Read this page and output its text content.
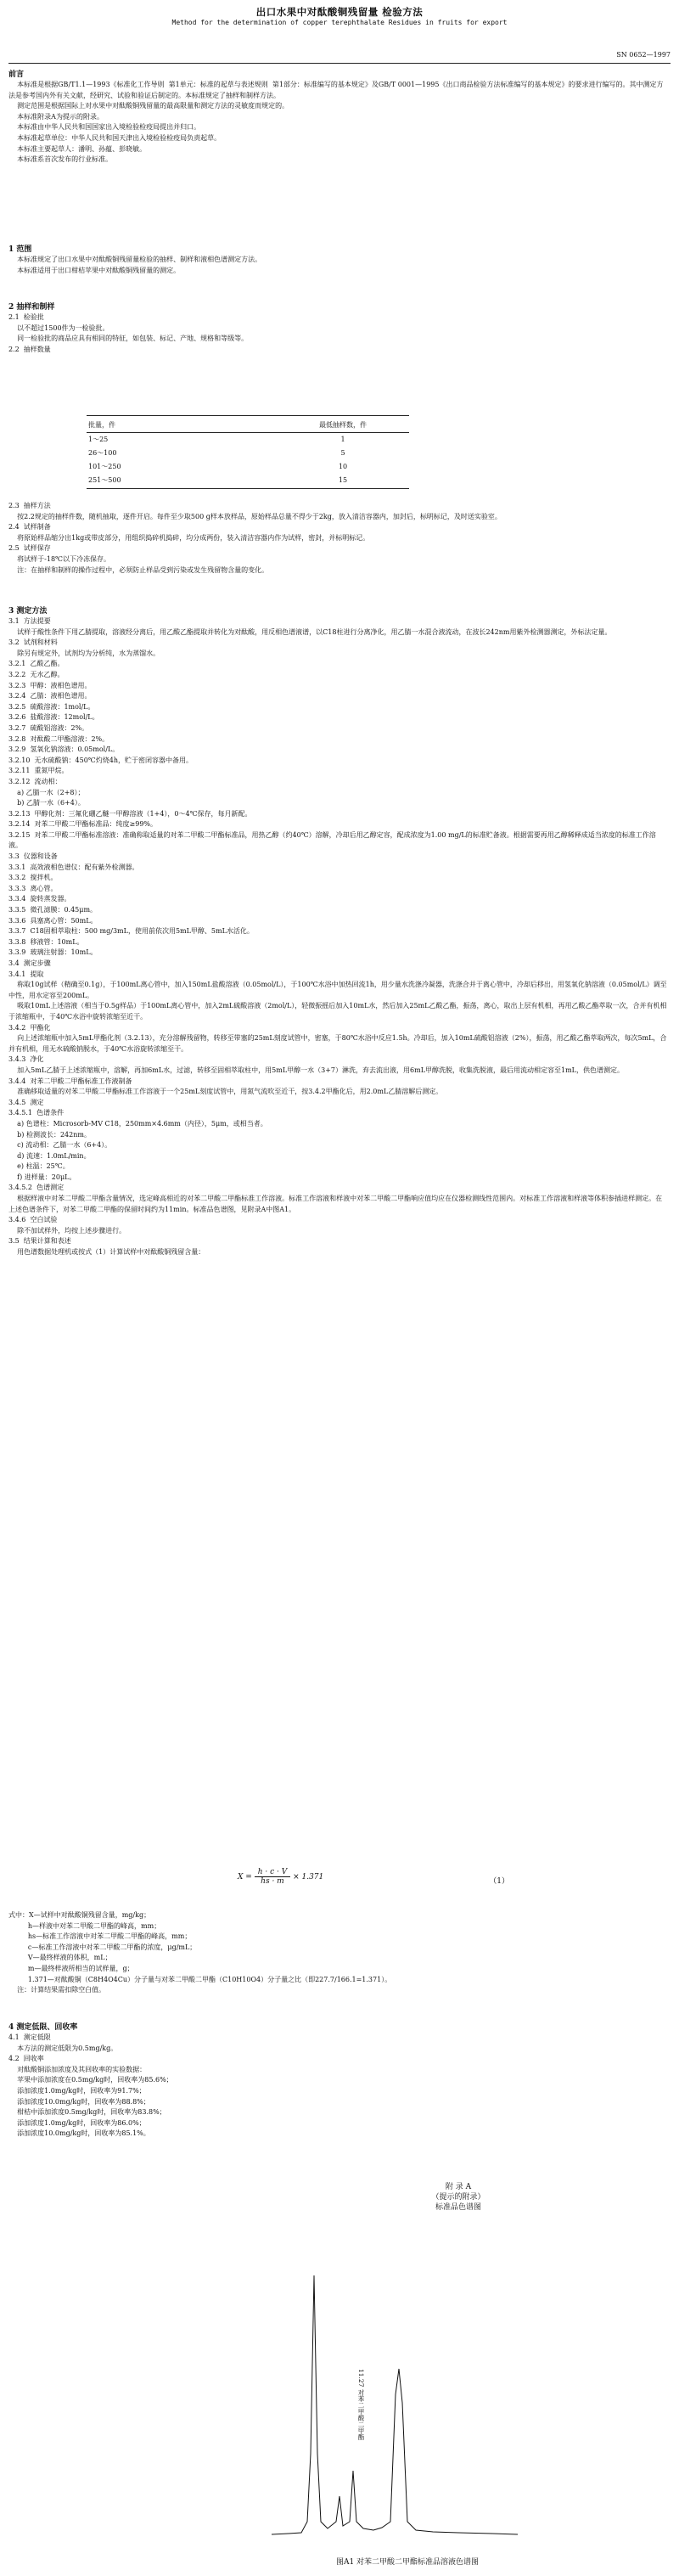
出口水果中对酞酸铜残留量 检验方法
Method for the determination of copper terephthalate Residues in fruits for export
SN 0652—1997
前言
本标准是根据GB/T1.1—1993《标准化工作导则  第1单元：标准的起草与表述规则  第1部分：标准编写的基本规定》及GB/T 0001—1995《出口商品检验方法标准编写的基本规定》的要求进行编写的。其中测定方法是参考国内外有关文献，经研究、试验和验证后制定的。本标准规定了抽样和制样方法。
测定范围是根据国际上对水果中对酞酸铜残留量的最高限量和测定方法的灵敏度而规定的。
本标准附录A为提示的附录。
本标准由中华人民共和国国家出入境检验检疫局提出并归口。
本标准起草单位：中华人民共和国天津出入境检验检疫局负责起草。
本标准主要起草人：潘明、孙蕴、彭晓敏。
本标准系首次发布的行业标准。
1 范围
本标准规定了出口水果中对酞酸铜残留量检验的抽样、制样和液相色谱测定方法。
本标准适用于出口柑桔苹果中对酞酸铜残留量的测定。
2 抽样和制样
2.1  检验批
以不超过1500件为一检验批。
同一检验批的商品应具有相同的特征，如包装、标记、产地、规格和等级等。
2.2  抽样数量
批量，件	最低抽样数，件
1～25	1
26～100	5
101～250	10
251～500	15
2.3  抽样方法
按2.2规定的抽样件数，随机抽取，逐件开启。每件至少取500 g样本放样品，原始样品总量不得少于2kg，放入清洁容器内，加封后，标明标记，及时送实验室。
2.4  试样制备
将原始样品缩分出1kg或带皮部分，用组织捣碎机捣碎，均分成两份，装入清洁容器内作为试样，密封，并标明标记。
2.5  试样保存
将试样于-18℃以下冷冻保存。
注：在抽样和制样的操作过程中，必须防止样品受到污染或发生残留物含量的变化。
3 测定方法
3.1  方法提要
试样于酸性条件下用乙腈提取，溶液经分离后，用乙酸乙酯提取并转化为对酞酸，用反相色谱液谱，以C18柱进行分离净化，用乙腈一水混合液流动，在波长242nm用紫外检测器测定，外标法定量。
3.2  试剂和材料
除另有规定外，试剂均为分析纯，水为蒸馏水。
3.2.1  乙酸乙酯。
3.2.2  无水乙醇。
3.2.3  甲醇：液相色谱用。
3.2.4  乙腈：液相色谱用。
3.2.5  硫酸溶液：1mol/L。
3.2.6  盐酸溶液：12mol/L。
3.2.7  硫酸铝溶液：2%。
3.2.8  对酞酸二甲酯溶液：2%。
3.2.9  氢氧化钠溶液：0.05mol/L。
3.2.10  无水硫酸钠：450℃灼烧4h，贮于密闭容器中备用。
3.2.11  重氮甲烷。
3.2.12  流动相：
a) 乙腈一水（2+8）；
b) 乙腈一水（6+4）。
3.2.13  甲醇化剂：三氟化硼乙醚一甲醇溶液（1+4），0～4℃保存，每月新配。
3.2.14  对苯二甲酸二甲酯标准品：纯度≥99%。
3.2.15  对苯二甲酸二甲酯标准溶液：准确称取适量的对苯二甲酸二甲酯标准品，用热乙醇（约40℃）溶解，冷却后用乙醇定容，配成浓度为1.00 mg/L的标准贮备液。根据需要再用乙醇稀释成适当浓度的标准工作溶液。
3.3  仪器和设备
3.3.1  高效液相色谱仪：配有紫外检测器。
3.3.2  搅拌机。
3.3.3  离心管。
3.3.4  旋转蒸发器。
3.3.5  微孔滤膜：0.45μm。
3.3.6  具塞离心管：50mL。
3.3.7  C18固相萃取柱：500 mg/3mL，使用前依次用5mL甲醇、5mL水活化。
3.3.8  移液管：10mL。
3.3.9  玻璃注射器：10mL。
3.4  测定步骤
3.4.1  提取
称取10g试样（精确至0.1g），于100mL离心管中，加入150mL盐酸溶液（0.05mol/L），于100℃水浴中加热回流1h，用少量水洗涤冷凝器，洗涤合并于离心管中，冷却后移出，用氢氧化钠溶液（0.05mol/L）调至中性，用水定容至200mL。
吸取10mL上述溶液（相当于0.5g样品）于100mL离心管中，加入2mL硫酸溶液（2mol/L），轻微振摇后加入10mL水，然后加入25mL乙酸乙酯，振荡，离心，取出上层有机相，再用乙酸乙酯萃取一次，合并有机相于浓缩瓶中，于40℃水浴中旋转浓缩至近干。
3.4.2  甲酯化
向上述浓缩瓶中加入5mL甲酯化剂（3.2.13），充分溶解残留物，转移至带塞的25mL刻度试管中，密塞，于80℃水浴中反应1.5h。冷却后，加入10mL硫酸铝溶液（2%），振荡，用乙酸乙酯萃取两次，每次5mL，合并有机相，用无水硫酸钠脱水，于40℃水浴旋转浓缩至干。
3.4.3  净化
加入5mL乙腈于上述浓缩瓶中，溶解，再加6mL水，过滤，转移至固相萃取柱中，用5mL甲醇一水（3+7）淋洗，弃去流出液，用6mL甲醇洗脱，收集洗脱液，最后用流动相定容至1mL，供色谱测定。
3.4.4  对苯二甲酸二甲酯标准工作液制备
准确移取适量的对苯二甲酸二甲酯标准工作溶液于一个25mL刻度试管中，用氮气流吹至近干，按3.4.2甲酯化后，用2.0mL乙腈溶解后测定。
3.4.5  测定
3.4.5.1  色谱条件
a) 色谱柱：Microsorb-MV C18，250mm×4.6mm（内径），5μm，或相当者。
b) 检测波长：242nm。
c) 流动相：乙腈一水（6+4）。
d) 流速：1.0mL/min。
e) 柱温：25℃。
f) 进样量：20μL。
3.4.5.2  色谱测定
根据样液中对苯二甲酸二甲酯含量情况，选定峰高相近的对苯二甲酸二甲酯标准工作溶液。标准工作溶液和样液中对苯二甲酸二甲酯响应值均应在仪器检测线性范围内。对标准工作溶液和样液等体积参插进样测定。在上述色谱条件下，对苯二甲酸二甲酯的保留时间约为11min。标准品色谱图，见附录A中图A1。
3.4.6  空白试验
除不加试样外，均按上述步骤进行。
3.5  结果计算和表述
用色谱数据处理机或按式（1）计算试样中对酞酸铜残留含量：
$X = \frac{h \cdot c \cdot V}{hs \cdot m} \times 1.371$	（1）
式中：X—试样中对酞酸铜残留含量，mg/kg；
h—样液中对苯二甲酸二甲酯的峰高，mm；
hs—标准工作溶液中对苯二甲酸二甲酯的峰高，mm；
c—标准工作溶液中对苯二甲酸二甲酯的浓度，μg/mL；
V—最终样液的体积，mL；
m—最终样液所相当的试样量，g；
1.371—对酞酸铜（C8H4O4Cu）分子量与对苯二甲酸二甲酯（C10H10O4）分子量之比（即227.7/166.1=1.371）。
注：计算结果需扣除空白值。
4 测定低限、回收率
4.1  测定低限
本方法的测定低限为0.5mg/kg。
4.2  回收率
对酞酸铜添加浓度及其回收率的实验数据：
苹果中添加浓度在0.5mg/kg时，回收率为85.6%；
添加浓度1.0mg/kg时，回收率为91.7%；
添加浓度10.0mg/kg时，回收率为88.8%；
柑桔中添加浓度0.5mg/kg时，回收率为83.8%；
添加浓度1.0mg/kg时，回收率为86.0%；
添加浓度10.0mg/kg时，回收率为85.1%。
附 录 A
（提示的附录）
标准品色谱图
11.27 对苯二甲酸二甲酯
图A1 对苯二甲酸二甲酯标准品溶液色谱图
